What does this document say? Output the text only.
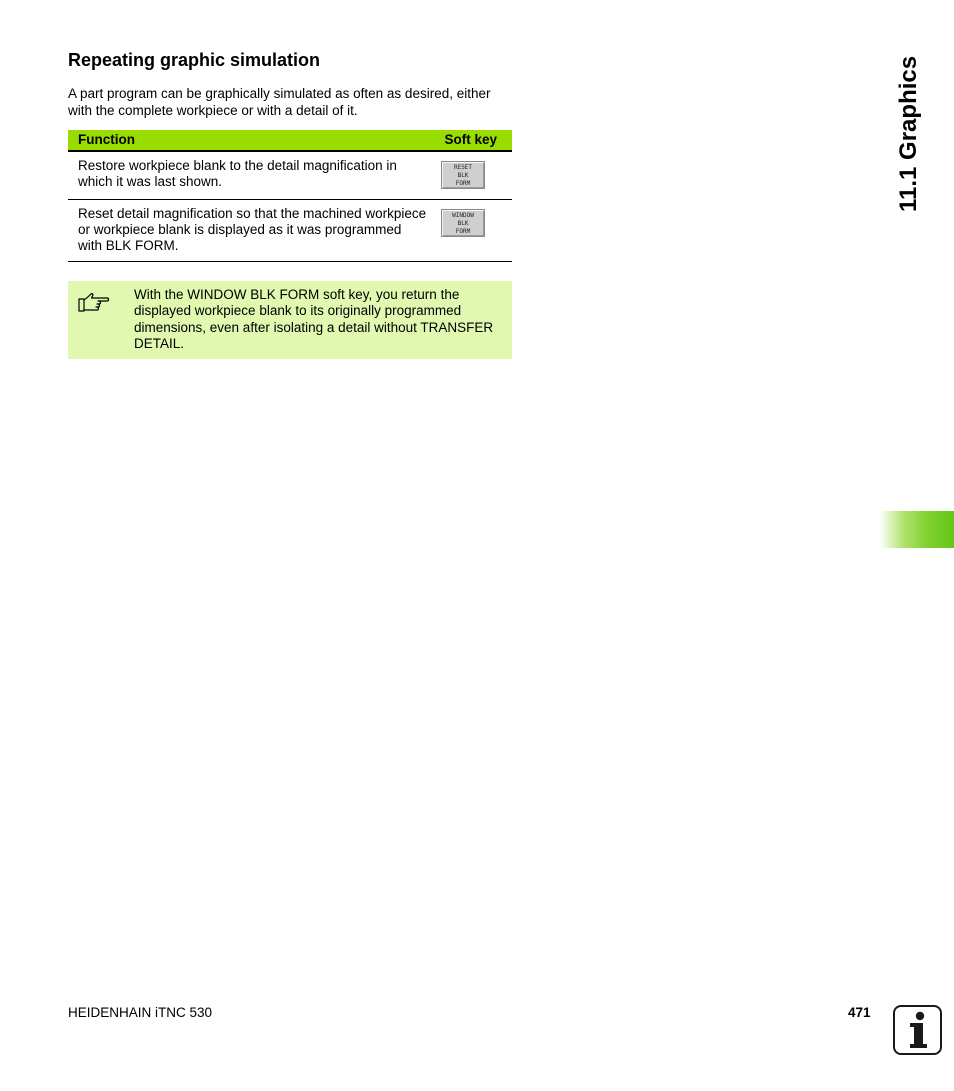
Repeating graphic simulation

A part program can be graphically simulated as often as desired, either with the complete workpiece or with a detail of it.

Function	Soft key
Restore workpiece blank to the detail magnification in which it was last shown.
RESET
BLK
FORM
Reset detail magnification so that the machined workpiece or workpiece blank is displayed as it was programmed with BLK FORM.
WINDOW
BLK
FORM
With the WINDOW BLK FORM soft key, you return the displayed workpiece blank to its originally programmed dimensions, even after isolating a detail without TRANSFER DETAIL.
11.1 Graphics
HEIDENHAIN iTNC 530	471
